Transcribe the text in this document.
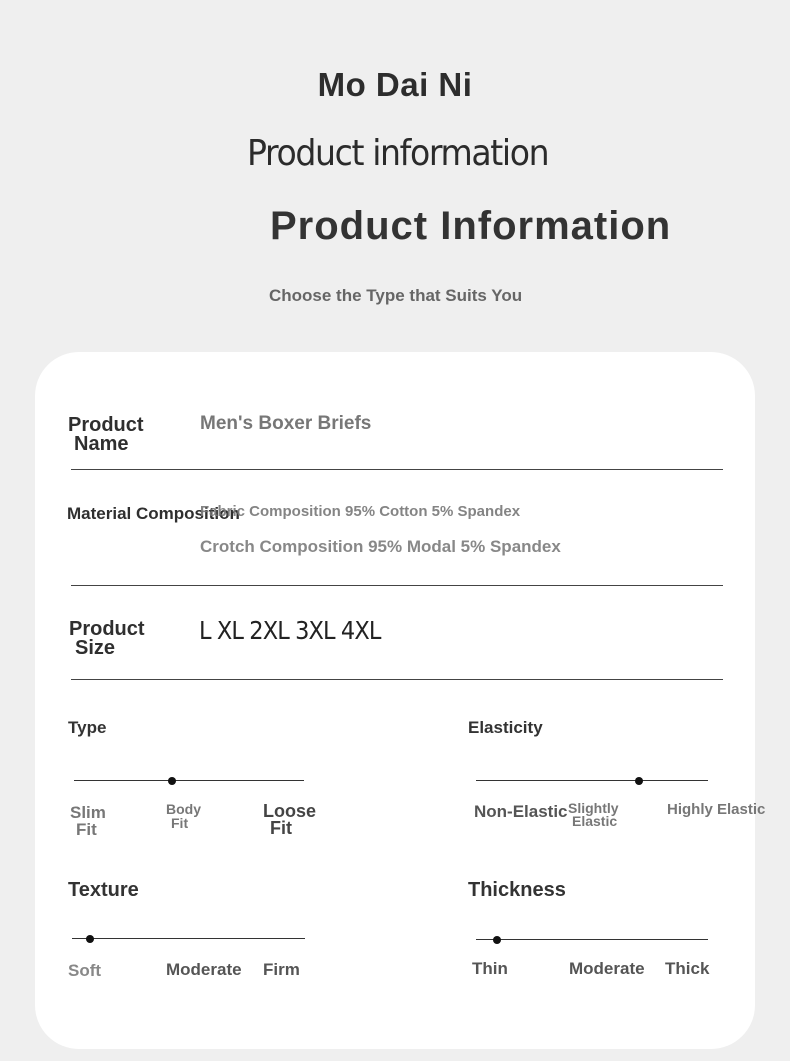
Mo Dai Ni
Product information
Product Information
Choose the Type that Suits You
Product
Name
Men's Boxer Briefs
Material Composition
Fabric Composition 95% Cotton 5% Spandex
Crotch Composition 95% Modal 5% Spandex
Product
Size
L XL 2XL 3XL 4XL
Type
Slim
Fit
Body
Fit
Loose
Fit
Elasticity
Non-Elastic Slightly
Elastic
Highly Elastic
Texture
Soft	Moderate Firm
Thickness
Thin	Moderate Thick
